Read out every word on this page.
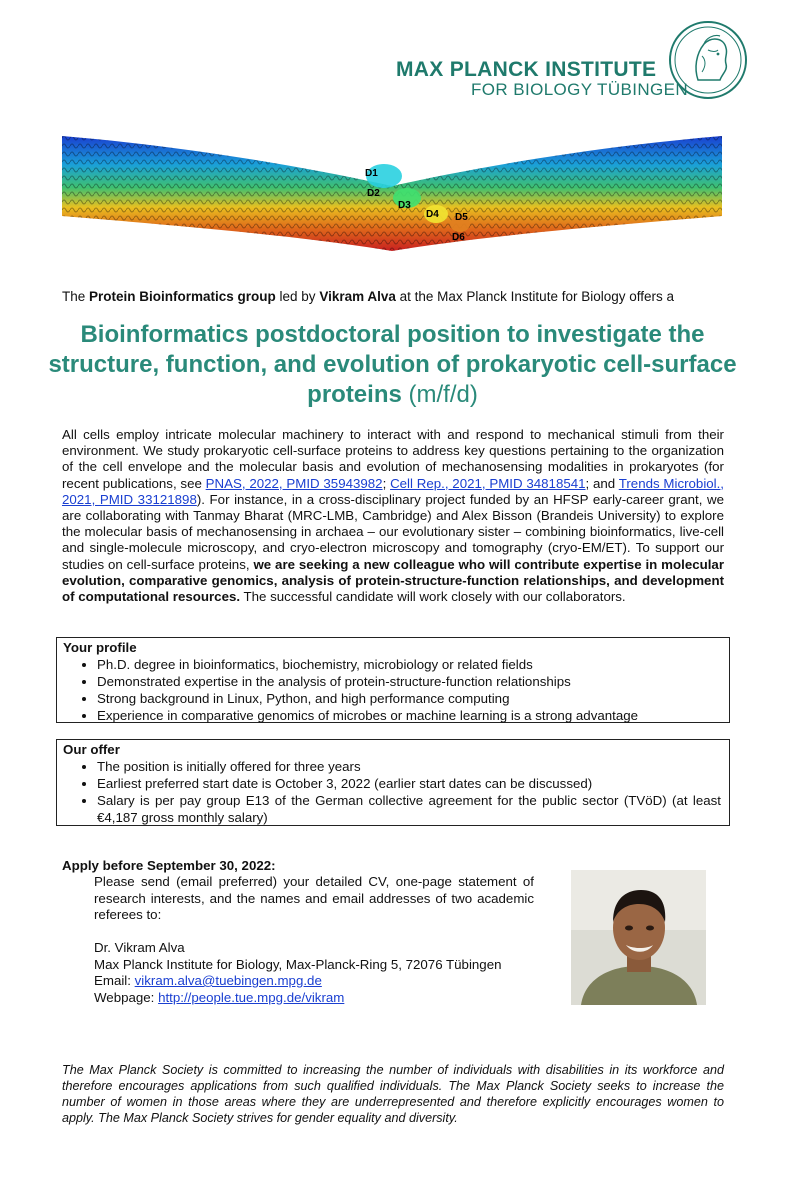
MAX PLANCK INSTITUTE
FOR BIOLOGY TÜBINGEN
D1
D2
D3
D4 D5
D6
The Protein Bioinformatics group led by Vikram Alva at the Max Planck Institute for Biology offers a
Bioinformatics postdoctoral position to investigate the structure, function, and evolution of prokaryotic cell-surface proteins (m/f/d)
All cells employ intricate molecular machinery to interact with and respond to mechanical stimuli from their environment. We study prokaryotic cell-surface proteins to address key questions pertaining to the organization of the cell envelope and the molecular basis and evolution of mechanosensing modalities in prokaryotes (for recent publications, see PNAS, 2022, PMID 35943982; Cell Rep., 2021, PMID 34818541; and Trends Microbiol., 2021, PMID 33121898). For instance, in a cross-disciplinary project funded by an HFSP early-career grant, we are collaborating with Tanmay Bharat (MRC-LMB, Cambridge) and Alex Bisson (Brandeis University) to explore the molecular basis of mechanosensing in archaea – our evolutionary sister – combining bioinformatics, live-cell and single-molecule microscopy, and cryo-electron microscopy and tomography (cryo-EM/ET). To support our studies on cell-surface proteins, we are seeking a new colleague who will contribute expertise in molecular evolution, comparative genomics, analysis of protein-structure-function relationships, and development of computational resources. The successful candidate will work closely with our collaborators.
Your profile
• Ph.D. degree in bioinformatics, biochemistry, microbiology or related fields
• Demonstrated expertise in the analysis of protein-structure-function relationships
• Strong background in Linux, Python, and high performance computing
• Experience in comparative genomics of microbes or machine learning is a strong advantage
Our offer
• The position is initially offered for three years
• Earliest preferred start date is October 3, 2022 (earlier start dates can be discussed)
• Salary is per pay group E13 of the German collective agreement for the public sector (TVöD) (at least €4,187 gross monthly salary)
Apply before September 30, 2022:
Please send (email preferred) your detailed CV, one-page statement of research interests, and the names and email addresses of two academic referees to:
Dr. Vikram Alva
Max Planck Institute for Biology, Max-Planck-Ring 5, 72076 Tübingen
Email: vikram.alva@tuebingen.mpg.de
Webpage: http://people.tue.mpg.de/vikram
The Max Planck Society is committed to increasing the number of individuals with disabilities in its workforce and therefore encourages applications from such qualified individuals. The Max Planck Society seeks to increase the number of women in those areas where they are underrepresented and therefore explicitly encourages women to apply. The Max Planck Society strives for gender equality and diversity.
